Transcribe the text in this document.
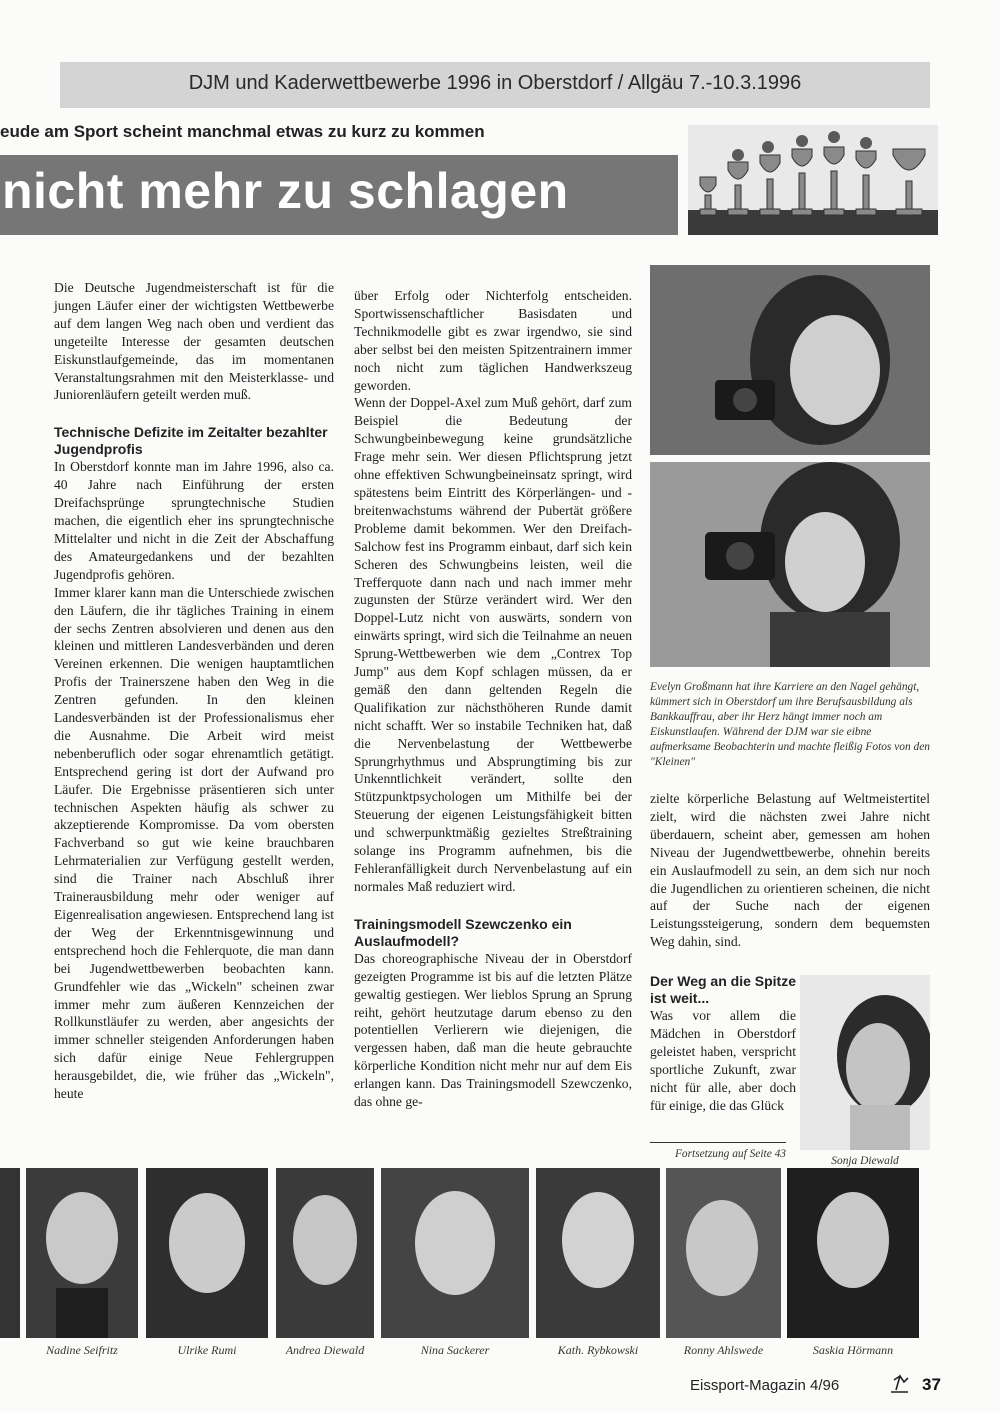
DJM und Kaderwettbewerbe 1996 in Oberstdorf / Allgäu 7.-10.3.1996
eude am Sport scheint manchmal etwas zu kurz zu kommen
nicht mehr zu schlagen

Die Deutsche Jugendmeisterschaft ist für die jungen Läufer einer der wichtigsten Wettbewerbe auf dem langen Weg nach oben und verdient das ungeteilte Interesse der gesamten deutschen Eiskunstlaufgemeinde, das im momentanen Veranstaltungsrahmen mit den Meisterklasse- und Juniorenläufern geteilt werden muß.

Technische Defizite im Zeitalter bezahlter Jugendprofis

In Oberstdorf konnte man im Jahre 1996, also ca. 40 Jahre nach Einführung der ersten Dreifachsprünge sprungtechnische Studien machen, die eigentlich eher ins sprungtechnische Mittelalter und nicht in die Zeit der Abschaffung des Amateurgedankens und der bezahlten Jugendprofis gehören.

Immer klarer kann man die Unterschiede zwischen den Läufern, die ihr tägliches Training in einem der sechs Zentren absolvieren und denen aus den kleinen und mittleren Landesverbänden und deren Vereinen erkennen. Die wenigen hauptamtlichen Profis der Trainerszene haben den Weg in die Zentren gefunden. In den kleinen Landesverbänden ist der Professionalismus eher die Ausnahme. Die Arbeit wird meist nebenberuflich oder sogar ehrenamtlich getätigt. Entsprechend gering ist dort der Aufwand pro Läufer. Die Ergebnisse präsentieren sich unter technischen Aspekten häufig als schwer zu akzeptierende Kompromisse. Da vom obersten Fachverband so gut wie keine brauchbaren Lehrmaterialien zur Verfügung gestellt werden, sind die Trainer nach Abschluß ihrer Trainerausbildung mehr oder weniger auf Eigenrealisation angewiesen. Entsprechend lang ist der Weg der Erkenntnisgewinnung und entsprechend hoch die Fehlerquote, die man dann bei Jugendwettbewerben beobachten kann. Grundfehler wie das „Wickeln" scheinen zwar immer mehr zum äußeren Kennzeichen der Rollkunstläufer zu werden, aber angesichts der immer schneller steigenden Anforderungen haben sich dafür einige Neue Fehlergruppen herausgebildet, die, wie früher das „Wickeln", heute

über Erfolg oder Nichterfolg entscheiden. Sportwissenschaftlicher Basisdaten und Technikmodelle gibt es zwar irgendwo, sie sind aber selbst bei den meisten Spitzentrainern immer noch nicht zum täglichen Handwerkszeug geworden.

Wenn der Doppel-Axel zum Muß gehört, darf zum Beispiel die Bedeutung der Schwungbeinbewegung keine grundsätzliche Frage mehr sein. Wer diesen Pflichtsprung jetzt ohne effektiven Schwungbeineinsatz springt, wird spätestens beim Eintritt des Körperlängen- und -breitenwachstums während der Pubertät größere Probleme damit bekommen. Wer den Dreifach-Salchow fest ins Programm einbaut, darf sich kein Scheren des Schwungbeins leisten, weil die Trefferquote dann nach und nach immer mehr zugunsten der Stürze verändert wird. Wer den Doppel-Lutz nicht von auswärts, sondern von einwärts springt, wird sich die Teilnahme an neuen Sprung-Wettbewerben wie dem „Contrex Top Jump" aus dem Kopf schlagen müssen, da er gemäß den dann geltenden Regeln die Qualifikation zur nächsthöheren Runde damit nicht schafft. Wer so instabile Techniken hat, daß die Nervenbelastung der Wettbewerbe Sprungrhythmus und Absprungtiming bis zur Unkenntlichkeit verändert, sollte den Stützpunktpsychologen um Mithilfe bei der Steuerung der eigenen Leistungsfähigkeit bitten und schwerpunktmäßig gezieltes Streßtraining solange ins Programm aufnehmen, bis die Fehleranfälligkeit durch Nervenbelastung auf ein normales Maß reduziert wird.

Trainingsmodell Szewczenko ein Auslaufmodell?

Das choreographische Niveau der in Oberstdorf gezeigten Programme ist bis auf die letzten Plätze gewaltig gestiegen. Wer lieblos Sprung an Sprung reiht, gehört heutzutage darum ebenso zu den potentiellen Verlierern wie diejenigen, die vergessen haben, daß man die heute gebrauchte körperliche Kondition nicht mehr nur auf dem Eis erlangen kann. Das Trainingsmodell Szewczenko, das ohne ge-

Evelyn Großmann hat ihre Karriere an den Nagel gehängt, kümmert sich in Oberstdorf um ihre Berufsausbildung als Bankkauffrau, aber ihr Herz hängt immer noch am Eiskunstlaufen. Während der DJM war sie eibne aufmerksame Beobachterin und machte fleißig Fotos von den "Kleinen"

zielte körperliche Belastung auf Weltmeistertitel zielt, wird die nächsten zwei Jahre nicht überdauern, scheint aber, gemessen am hohen Niveau der Jugendwettbewerbe, ohnehin bereits ein Auslaufmodell zu sein, an dem sich nur noch die Jugendlichen zu orientieren scheinen, die nicht auf der Suche nach der eigenen Leistungssteigerung, sondern dem bequemsten Weg dahin, sind.

Der Weg an die Spitze ist weit...

Was vor allem die Mädchen in Oberstdorf geleistet haben, verspricht sportliche Zukunft, zwar nicht für alle, aber doch für einige, die das Glück

Fortsetzung auf Seite 43
Sonja Diewald
Nadine Seifritz	Ulrike Rumi	Andrea Diewald	Nina Sackerer	Kath. Rybkowski	Ronny Ahlswede	Saskia Hörmann
Eissport-Magazin 4/96	37
